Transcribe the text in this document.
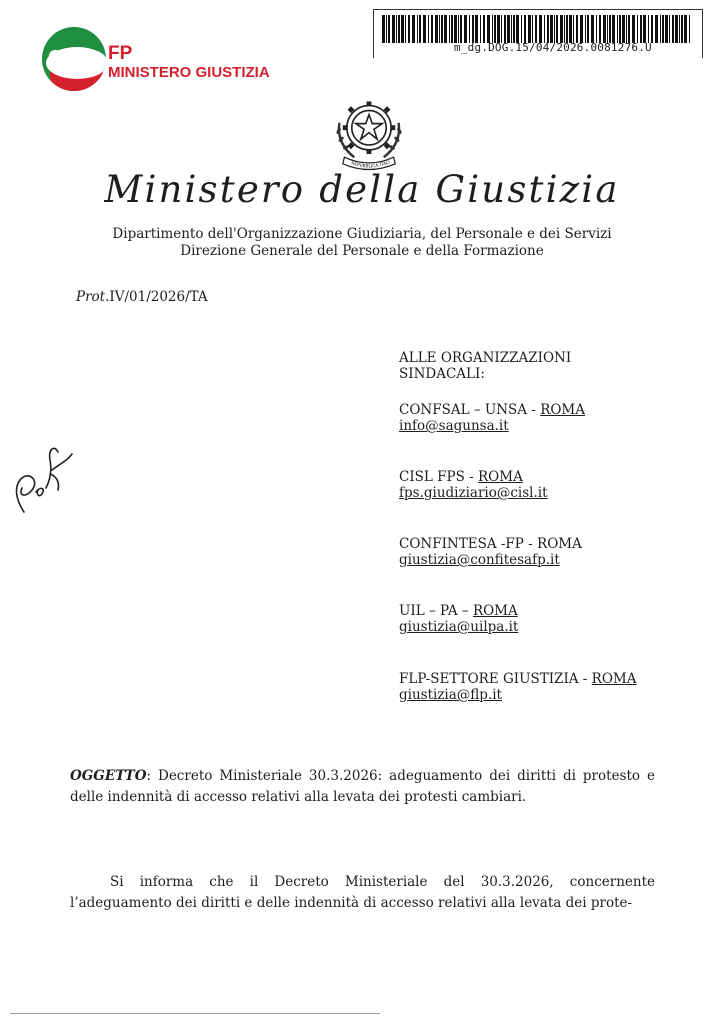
CISL FP
MINISTERO GIUSTIZIA
m_dg.DOG.15/04/2026.0081276.U
REPVBBLICA ITALI
Ministero della Giustizia
Dipartimento dell'Organizzazione Giudiziaria, del Personale e dei Servizi
Direzione Generale del Personale e della Formazione
Prot.IV/01/2026/TA
ALLE ORGANIZZAZIONI
SINDACALI:
CONFSAL – UNSA - ROMA
info@sagunsa.it
CISL FPS - ROMA
fps.giudiziario@cisl.it
CONFINTESA -FP - ROMA
giustizia@confitesafp.it
UIL – PA – ROMA
giustizia@uilpa.it
FLP-SETTORE GIUSTIZIA - ROMA
giustizia@flp.it
OGGETTO: Decreto Ministeriale 30.3.2026: adeguamento dei diritti di protesto e delle indennità di accesso relativi alla levata dei protesti cambiari.
Si informa che il Decreto Ministeriale del 30.3.2026, concernente l’adeguamento dei diritti e delle indennità di accesso relativi alla levata dei prote-
